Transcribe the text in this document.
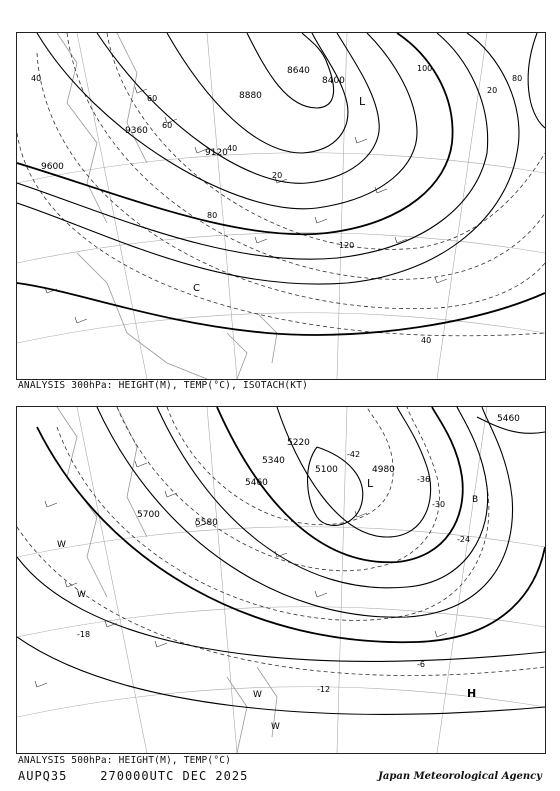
9600
9360
9120
8880
8640
8400
40
60
80
100
120
20
40
60
80
40
20
L
C
ANALYSIS 300hPa: HEIGHT(M), TEMP(°C), ISOTACH(KT)
5700
5580
5460
5340
5220
5100	4980
5460
-42
-36
-30
-24
-18
-12
-6
L
H
B
W
W
W
W
ANALYSIS 500hPa: HEIGHT(M), TEMP(°C)
AUPQ35	270000UTC DEC 2025	Japan Meteorological Agency
